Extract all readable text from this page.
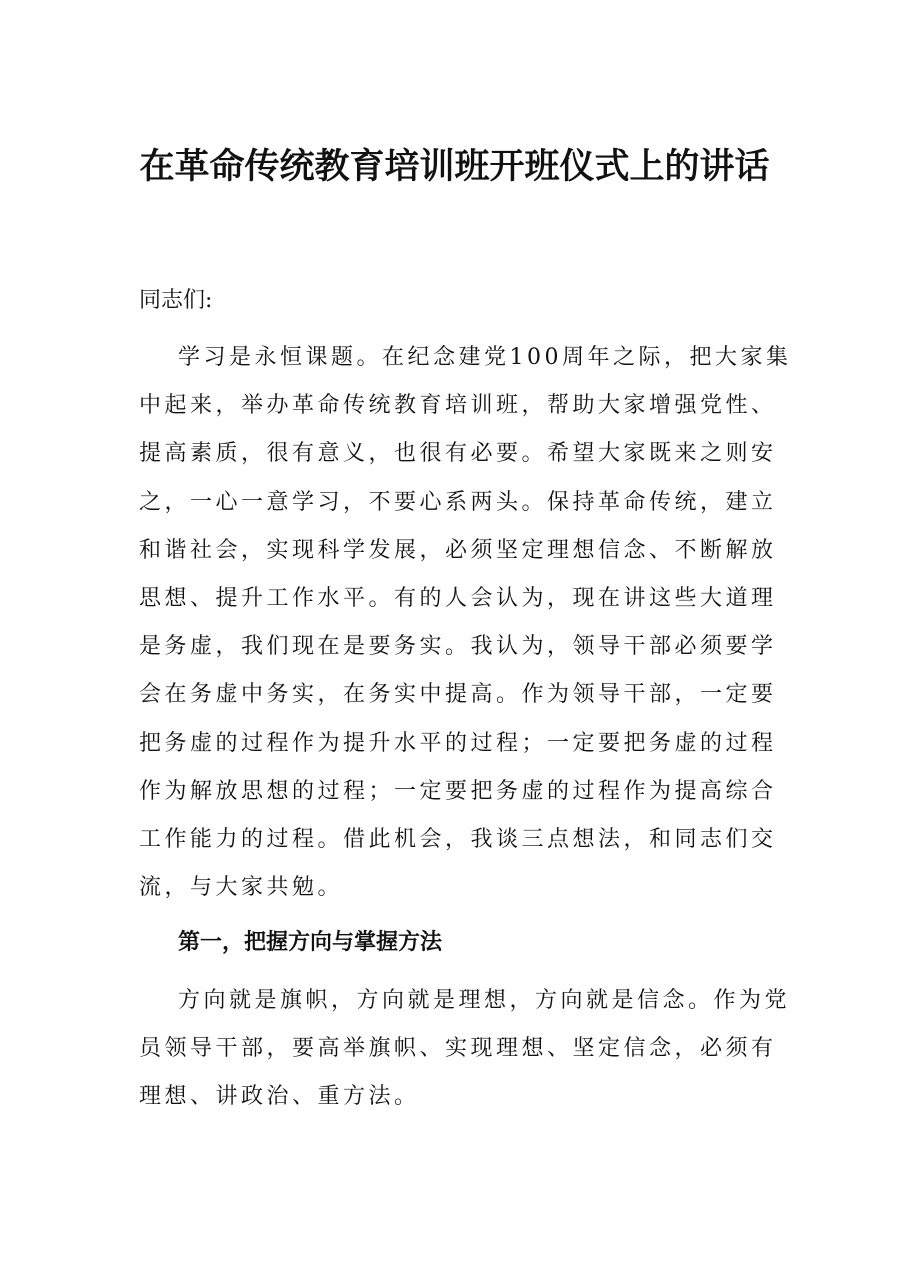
在革命传统教育培训班开班仪式上的讲话
同志们:
学习是永恒课题。在纪念建党100周年之际，把大家集
中起来，举办革命传统教育培训班，帮助大家增强党性、
提高素质，很有意义，也很有必要。希望大家既来之则安
之，一心一意学习，不要心系两头。保持革命传统，建立
和谐社会，实现科学发展，必须坚定理想信念、不断解放
思想、提升工作水平。有的人会认为，现在讲这些大道理
是务虚，我们现在是要务实。我认为，领导干部必须要学
会在务虚中务实，在务实中提高。作为领导干部，一定要
把务虚的过程作为提升水平的过程；一定要把务虚的过程
作为解放思想的过程；一定要把务虚的过程作为提高综合
工作能力的过程。借此机会，我谈三点想法，和同志们交
流，与大家共勉。
第一，把握方向与掌握方法
方向就是旗帜，方向就是理想，方向就是信念。作为党
员领导干部，要高举旗帜、实现理想、坚定信念，必须有
理想、讲政治、重方法。
